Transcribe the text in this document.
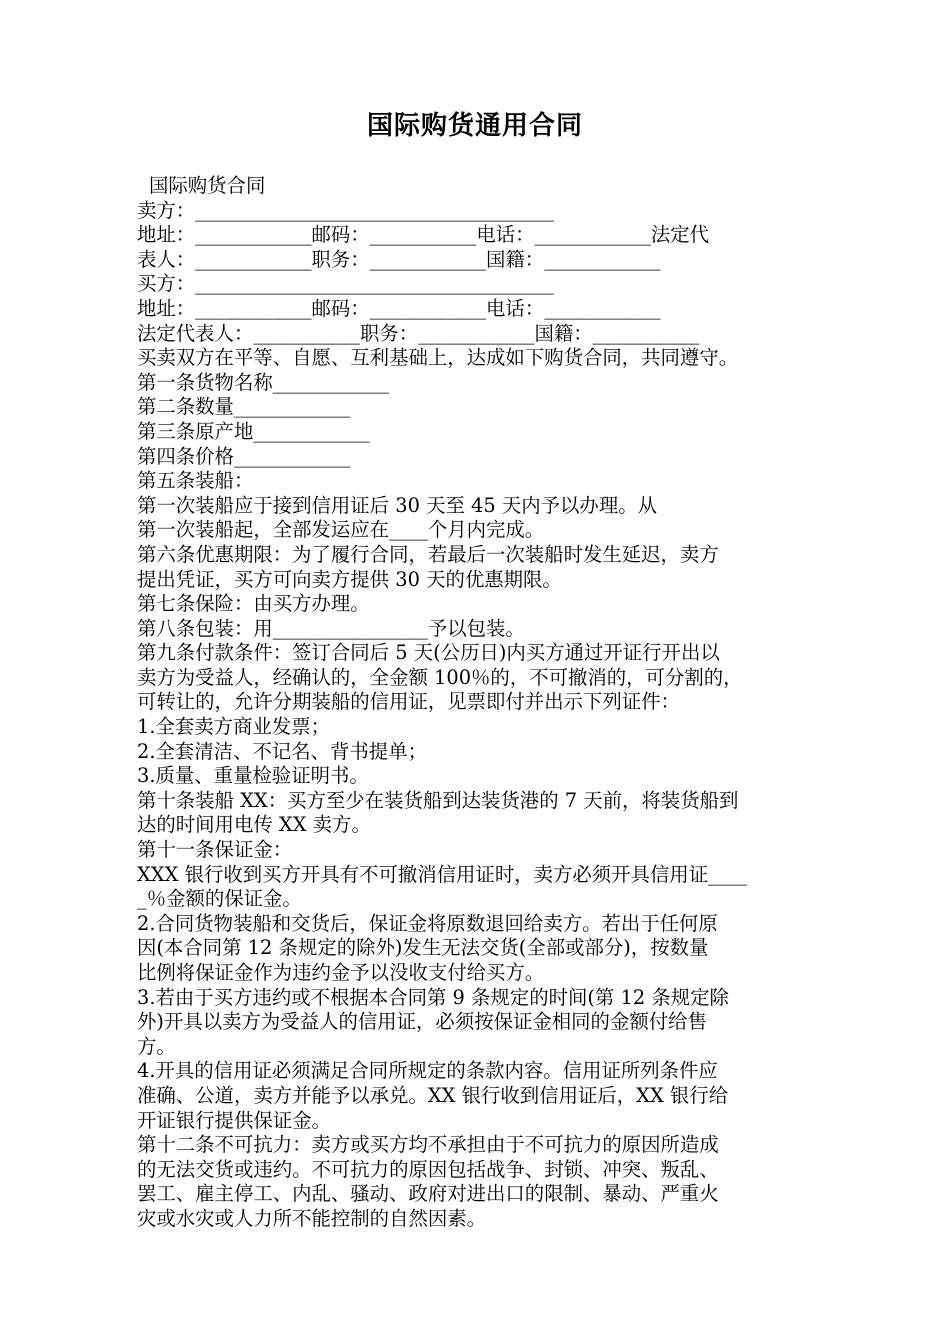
国际购货通用合同
国际购货合同
卖方：_____________________________________
地址：____________邮码：___________电话：____________法定代
表人：____________职务：____________国籍：____________
买方：_____________________________________
地址：____________邮码：____________电话：____________
法定代表人：___________职务：____________国籍：___________
买卖双方在平等、自愿、互利基础上，达成如下购货合同，共同遵守。
第一条货物名称____________
第二条数量____________
第三条原产地____________
第四条价格____________
第五条装船：
第一次装船应于接到信用证后 30 天至 45 天内予以办理。从
第一次装船起，全部发运应在____个月内完成。
第六条优惠期限：为了履行合同，若最后一次装船时发生延迟，卖方
提出凭证，买方可向卖方提供 30 天的优惠期限。
第七条保险：由买方办理。
第八条包装：用________________予以包装。
第九条付款条件：签订合同后 5 天(公历日)内买方通过开证行开出以
卖方为受益人，经确认的，全金额 100％的，不可撤消的，可分割的，
可转让的，允许分期装船的信用证，见票即付并出示下列证件：
1.全套卖方商业发票；
2.全套清洁、不记名、背书提单；
3.质量、重量检验证明书。
第十条装船 XX：买方至少在装货船到达装货港的 7 天前，将装货船到
达的时间用电传 XX 卖方。
第十一条保证金：
XXX 银行收到买方开具有不可撤消信用证时，卖方必须开具信用证____
_％金额的保证金。
2.合同货物装船和交货后，保证金将原数退回给卖方。若出于任何原
因(本合同第 12 条规定的除外)发生无法交货(全部或部分)，按数量
比例将保证金作为违约金予以没收支付给买方。
3.若由于买方违约或不根据本合同第 9 条规定的时间(第 12 条规定除
外)开具以卖方为受益人的信用证，必须按保证金相同的金额付给售
方。
4.开具的信用证必须满足合同所规定的条款内容。信用证所列条件应
准确、公道，卖方并能予以承兑。XX 银行收到信用证后，XX 银行给
开证银行提供保证金。
第十二条不可抗力：卖方或买方均不承担由于不可抗力的原因所造成
的无法交货或违约。不可抗力的原因包括战争、封锁、冲突、叛乱、
罢工、雇主停工、内乱、骚动、政府对进出口的限制、暴动、严重火
灾或水灾或人力所不能控制的自然因素。
